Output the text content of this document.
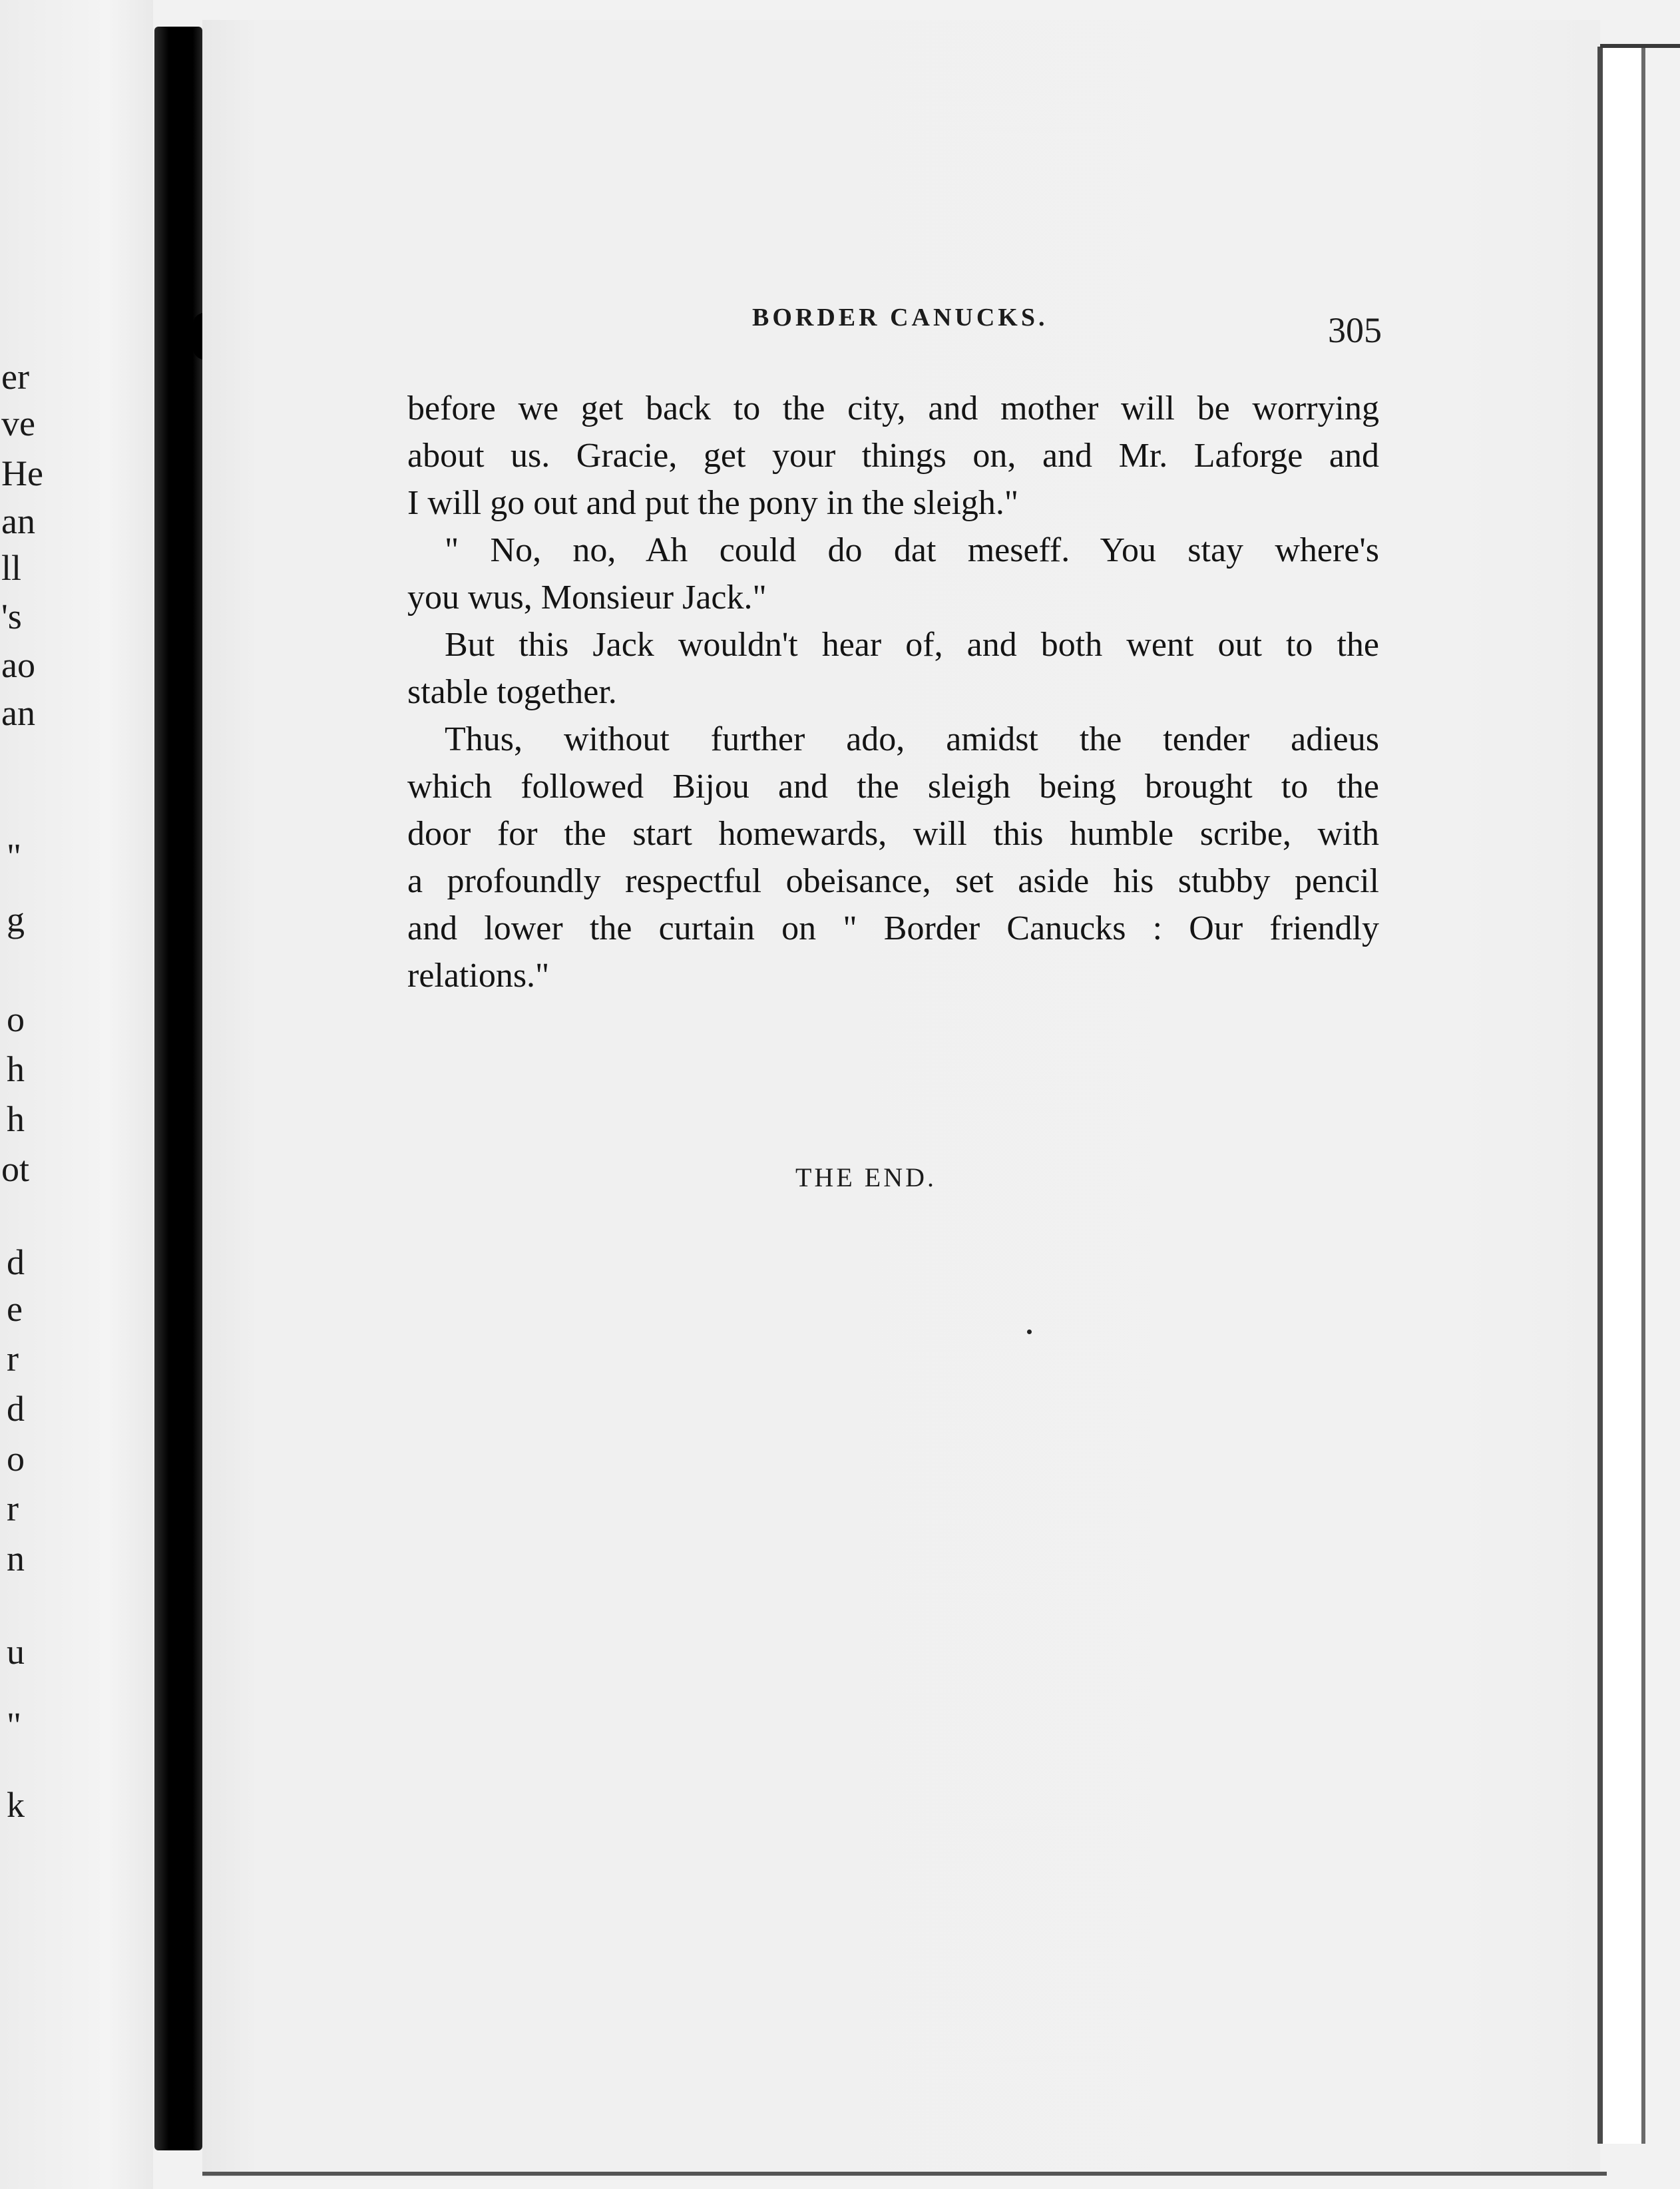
er
ve
He
an
ll
's
ao
an
"
g
o
h
h
ot
d
e
r
d
o
r
n
u
"
k
BORDER CANUCKS.	305
before we get back to the city, and mother will be worrying
about us. Gracie, get your things on, and Mr. Laforge and
I will go out and put the pony in the sleigh."
" No, no, Ah could do dat meseff. You stay where's
you wus, Monsieur Jack."
But this Jack wouldn't hear of, and both went out to the
stable together.
Thus, without further ado, amidst the tender adieus
which followed Bijou and the sleigh being brought to the
door for the start homewards, will this humble scribe, with
a profoundly respectful obeisance, set aside his stubby pencil
and lower the curtain on " Border Canucks : Our friendly
relations."
THE END.
